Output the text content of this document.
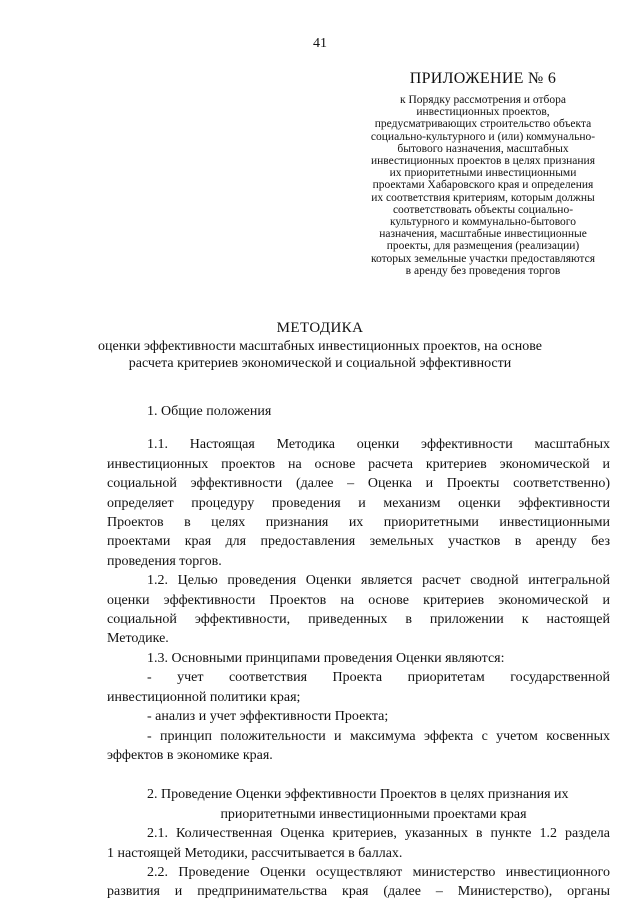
41
ПРИЛОЖЕНИЕ № 6
к Порядку рассмотрения и отбора
инвестиционных проектов,
предусматривающих строительство объекта
социально-культурного и (или) коммунально-
бытового назначения, масштабных
инвестиционных проектов в целях признания
их приоритетными инвестиционными
проектами Хабаровского края и определения
их соответствия критериям, которым должны
соответствовать объекты социально-
культурного и коммунально-бытового
назначения, масштабные инвестиционные
проекты, для размещения (реализации)
которых земельные участки предоставляются
в аренду без проведения торгов
МЕТОДИКА
оценки эффективности масштабных инвестиционных проектов, на основе
расчета критериев экономической и социальной эффективности
1. Общие положения
1.1. Настоящая Методика оценки эффективности масштабных
инвестиционных проектов на основе расчета критериев экономической и
социальной эффективности (далее – Оценка и Проекты соответственно)
определяет процедуру проведения и механизм оценки эффективности
Проектов в целях признания их приоритетными инвестиционными
проектами края для предоставления земельных участков в аренду без
проведения торгов.
1.2. Целью проведения Оценки является расчет сводной интегральной
оценки эффективности Проектов на основе критериев экономической и
социальной эффективности, приведенных в приложении к настоящей
Методике.
1.3. Основными принципами проведения Оценки являются:
- учет соответствия Проекта приоритетам государственной
инвестиционной политики края;
- анализ и учет эффективности Проекта;
- принцип положительности и максимума эффекта с учетом косвенных
эффектов в экономике края.
2. Проведение Оценки эффективности Проектов в целях признания их
приоритетными инвестиционными проектами края
2.1. Количественная Оценка критериев, указанных в пункте 1.2 раздела
1 настоящей Методики, рассчитывается в баллах.
2.2. Проведение Оценки осуществляют министерство инвестиционного
развития и предпринимательства края (далее – Министерство), органы
